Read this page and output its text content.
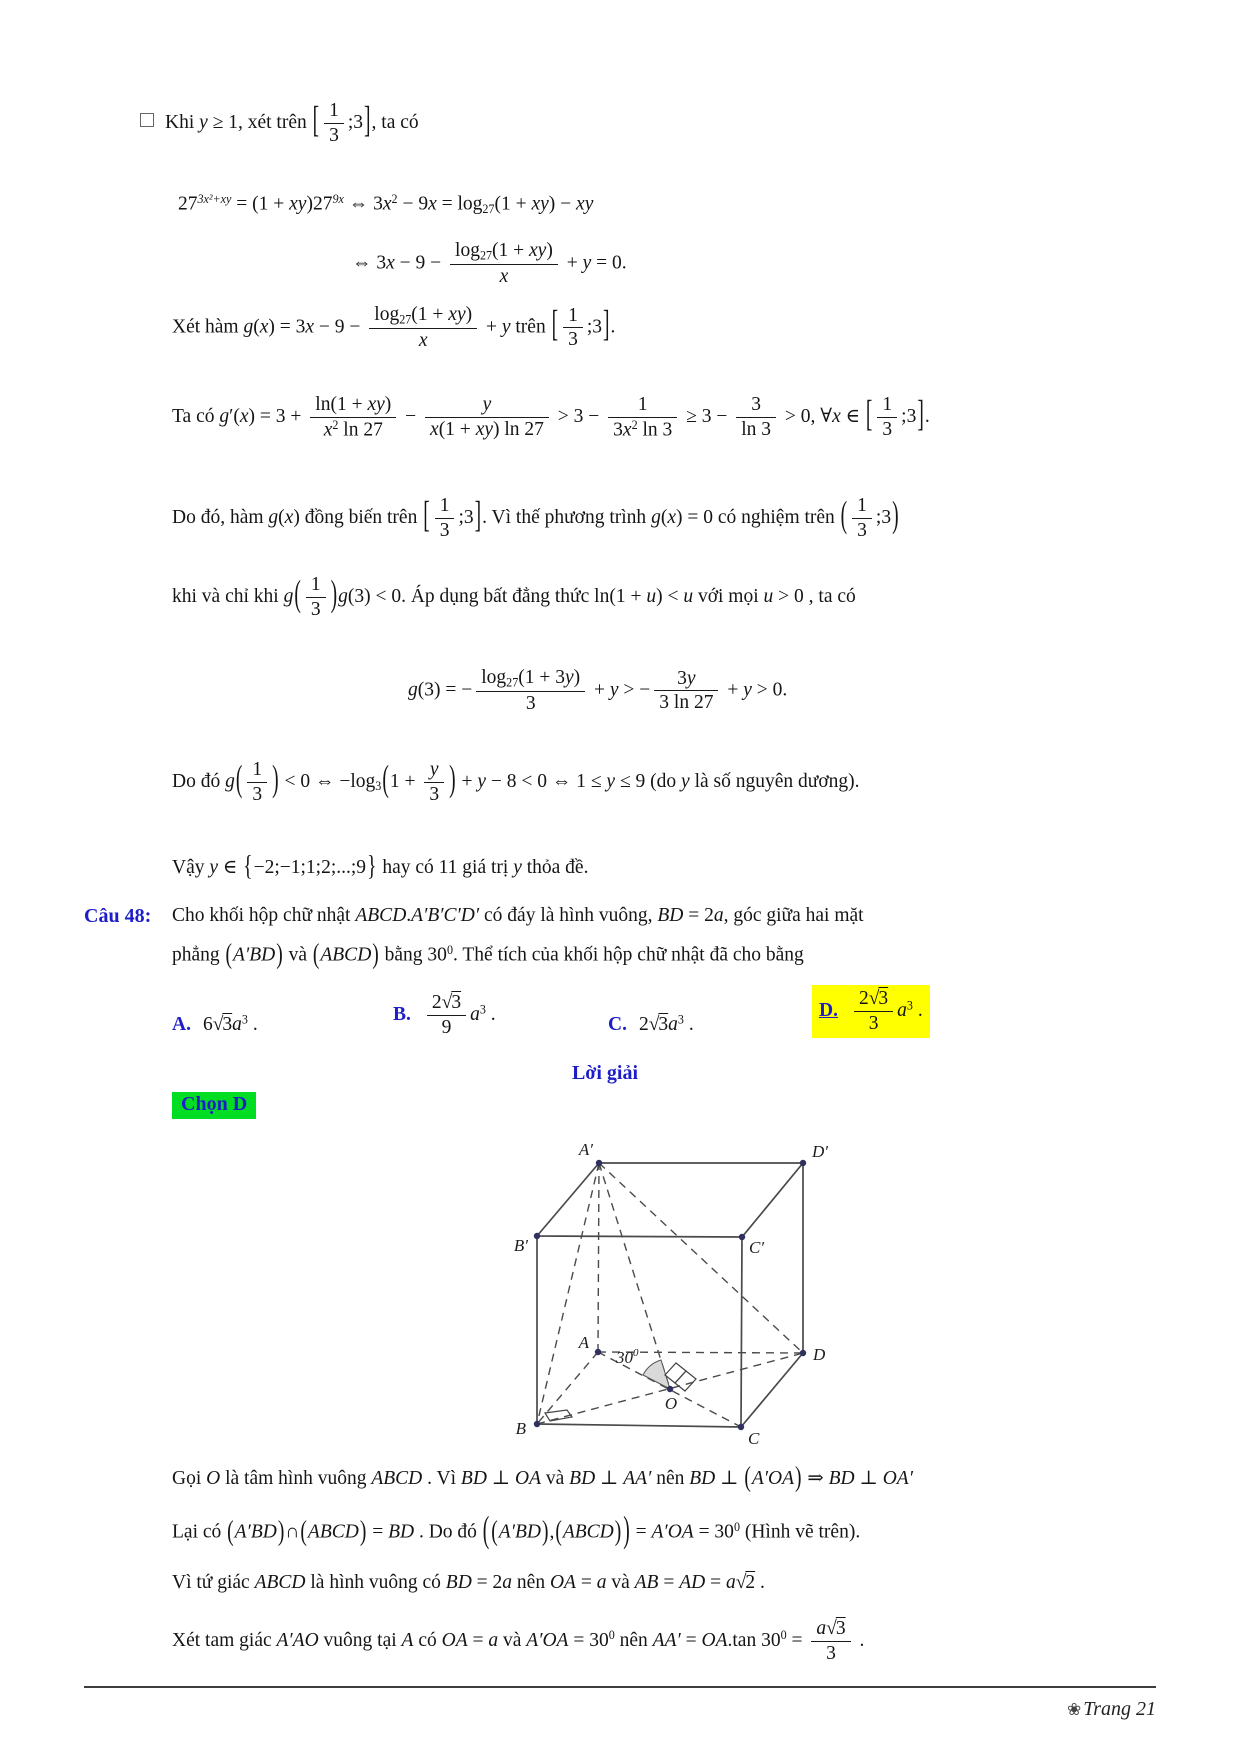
Khi y ≥ 1, xét trên [ $\frac{1}{3}$ ;3], ta có
$27^{3x^2+xy} = (1 + xy)27^{9x}$ ⇔ $3x^2 - 9x = \log 27(1 + xy)$ − xy
⇔ $3x - 9 - \frac{\log 27(1 + xy)}{x} + y = 0$.
Xét hàm $g(x) = 3x - 9 - \frac{\log 27(1 + xy)}{x} + y$ trên [ $\frac{1}{3}$ ;3].
Ta có $g'(x) = 3 + \frac{\ln(1 + xy)}{x^2 \ln 27} - \frac{y}{x(1 + xy) \ln 27} > 3 - \frac{1}{3x^2 \ln 3} \ge 3 - \frac{3}{\ln 3} > 0$, ∀x ∈ [ $\frac{1}{3}$ ;3].
Do đó, hàm g(x) đồng biến trên [ $\frac{1}{3}$ ;3]. Vì thế phương trình g(x) = 0 có nghiệm trên ( $\frac{1}{3}$ ;3)
khi và chỉ khi $g( \frac{1}{3} )g(3) < 0$. Áp dụng bất đẳng thức ln(1 + u) < u với mọi u > 0 , ta có
g(3) = − $\frac{\log 27(1 + 3y)}{3} + y$ > − $\frac{3y}{3 \ln 27} + y > 0$.
Do đó $g( \frac{1}{3}$ ) < 0 ⇔ $-\log 3(1 + \frac{y}{3}$ ) + y − 8 < 0 ⇔ 1 ≤ y ≤ 9 (do y là số nguyên dương).
Vậy y ∈ {−2;−1;1;2;...;9} hay có 11 giá trị y thỏa đề.
Câu 48: Cho khối hộp chữ nhật ABCD.A′B′C′D′ có đáy là hình vuông, BD = 2a, góc giữa hai mặt
phẳng (A′BD) và (ABCD) bằng $30^0$. Thể tích của khối hộp chữ nhật đã cho bằng
A. $6√3a^3$ .	B. $\frac{2√3}{9} a^3$ .	C. $2√3a^3$ .
D. $\frac{2√3}{3} a^3$ .
Lời giải
Chọn D
A′	D′
B′	C′
A
B
C
D
O
$30^0$
Gọi O là tâm hình vuông ABCD . Vì BD ⊥ OA và BD ⊥ AA′ nên BD ⊥ (A′OA) ⇒ BD ⊥ OA′
Lại có (A′BD)∩(ABCD) = BD . Do đó ( (A′BD),(ABCD) ) = $A'OA = 30^0$ (Hình vẽ trên).
Vì tứ giác ABCD là hình vuông có BD = 2a nên OA = a và AB = AD = a√2 .
Xét tam giác A′AO vuông tại A có OA = a và $A'OA = 30^0$ nên AA′ = OA.tan $30^0 = \frac{a√3}{3}$ .
❀ Trang 21
